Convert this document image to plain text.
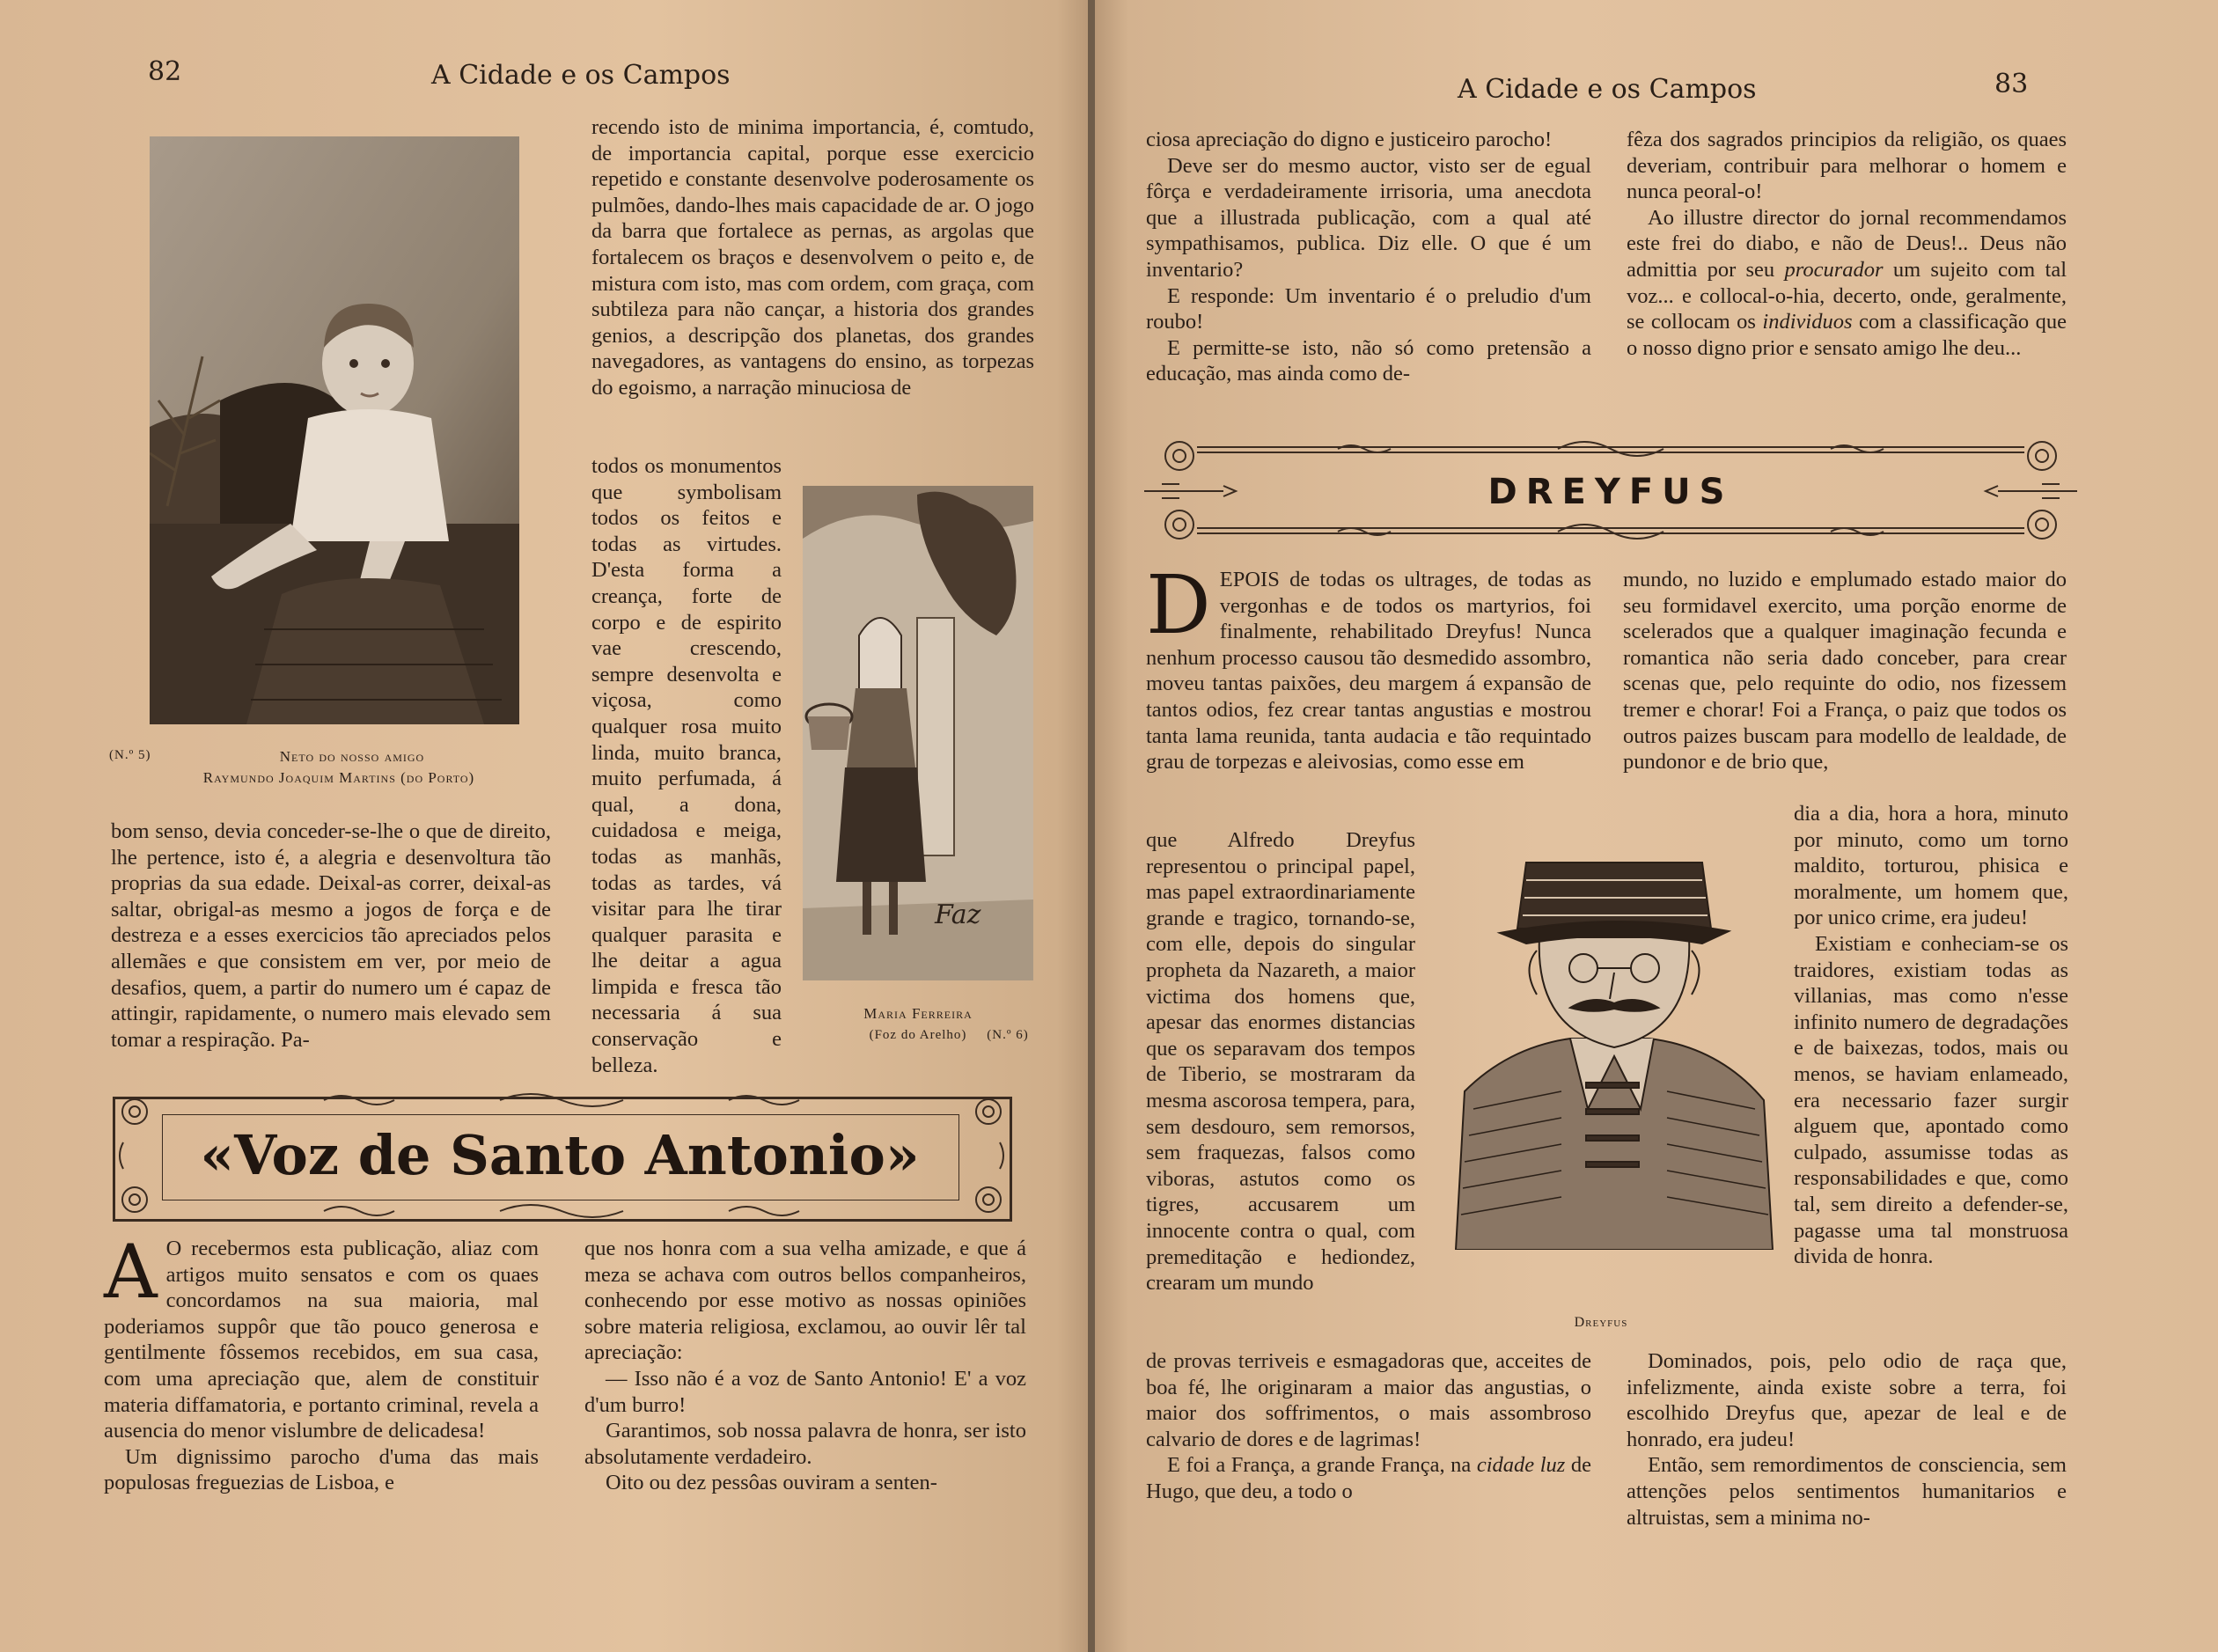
82	A Cidade e os Campos
(N.º 5)	Neto do nosso amigo
Raymundo Joaquim Martins (do Porto)

recendo isto de minima importancia, é, comtudo, de importancia capital, porque esse exercicio repetido e constante desenvolve poderosamente os pulmões, dando-lhes mais capacidade de ar. O jogo da barra que fortalece as pernas, as argolas que fortalecem os braços e desenvolvem o peito e, de mistura com isto, mas com ordem, com graça, com subtileza para não cançar, a historia dos grandes genios, a descripção dos planetas, dos grandes navegadores, as vantagens do ensino, as torpezas do egoismo, a narração minuciosa de

todos os monumentos que symbolisam todos os feitos e todas as virtudes. D'esta forma a creança, forte de corpo e de espirito vae crescendo, sempre desenvolta e viçosa, como qualquer rosa muito linda, muito branca, muito perfumada, á qual, a dona, cuidadosa e meiga, todas as manhãs, todas as tardes, vá visitar para lhe tirar qualquer parasita e lhe deitar a agua limpida e fresca tão necessaria á sua conservação e belleza.

Faz
Maria Ferreira
(Foz do Arelho)	(N.º 6)

bom senso, devia conceder-se-lhe o que de direito, lhe pertence, isto é, a alegria e desenvoltura tão proprias da sua edade. Deixal-as correr, deixal-as saltar, obrigal-as mesmo a jogos de força e de destreza e a esses exercicios tão apreciados pelos allemães e que consistem em ver, por meio de desafios, quem, a partir do numero um é capaz de attingir, rapidamente, o numero mais elevado sem tomar a respiração. Pa-

«Voz de Santo Antonio»

A O recebermos esta publicação, aliaz com artigos muito sensatos e com os quaes concordamos na sua maioria, mal poderiamos suppôr que tão pouco generosa e gentilmente fôssemos recebidos, em sua casa, com uma apreciação que, alem de constituir materia diffamatoria, e portanto criminal, revela a ausencia do menor vislumbre de delicadesa!

Um dignissimo parocho d'uma das mais populosas freguezias de Lisboa, e

que nos honra com a sua velha amizade, e que á meza se achava com outros bellos companheiros, conhecendo por esse motivo as nossas opiniões sobre materia religiosa, exclamou, ao ouvir lêr tal apreciação:

— Isso não é a voz de Santo Antonio! E' a voz d'um burro!

Garantimos, sob nossa palavra de honra, ser isto absolutamente verdadeiro.

Oito ou dez pessôas ouviram a senten-

A Cidade e os Campos	83

ciosa apreciação do digno e justiceiro parocho!

Deve ser do mesmo auctor, visto ser de egual fôrça e verdadeiramente irrisoria, uma anecdota que a illustrada publicação, com a qual até sympathisamos, publica. Diz elle. O que é um inventario?

E responde: Um inventario é o preludio d'um roubo!

E permitte-se isto, não só como pretensão a educação, mas ainda como de-

fêza dos sagrados principios da religião, os quaes deveriam, contribuir para melhorar o homem e nunca peoral-o!

Ao illustre director do jornal recommendamos este frei do diabo, e não de Deus!.. Deus não admittia por seu procurador um sujeito com tal voz... e collocal-o-hia, decerto, onde, geralmente, se collocam os individuos com a classificação que o nosso digno prior e sensato amigo lhe deu...

DREYFUS

DEPOIS de todas os ultrages, de todas as vergonhas e de todos os martyrios, foi finalmente, rehabilitado Dreyfus! Nunca nenhum processo causou tão desmedido assombro, moveu tantas paixões, deu margem á expansão de tantos odios, fez crear tantas angustias e mostrou tanta lama reunida, tanta audacia e tão requintado grau de torpezas e aleivosias, como esse em

que Alfredo Dreyfus representou o principal papel, mas papel extraordinariamente grande e tragico, tornando-se, com elle, depois do singular propheta da Nazareth, a maior victima dos homens que, apesar das enormes distancias que os separavam dos tempos de Tiberio, se mostraram da mesma ascorosa tempera, para, sem desdouro, sem remorsos, sem fraquezas, falsos como viboras, astutos como os tigres, accusarem um innocente contra o qual, com premeditação e hediondez, crearam um mundo

de provas terriveis e esmagadoras que, acceites de boa fé, lhe originaram a maior das angustias, o maior dos soffrimentos, o mais assombroso calvario de dores e de lagrimas!

E foi a França, a grande França, na cidade luz de Hugo, que deu, a todo o

mundo, no luzido e emplumado estado maior do seu formidavel exercito, uma porção enorme de scelerados que a qualquer imaginação fecunda e romantica não seria dado conceber, para crear scenas que, pelo requinte do odio, nos fizessem tremer e chorar! Foi a França, o paiz que todos os outros paizes buscam para modello de lealdade, de pundonor e de brio que,

dia a dia, hora a hora, minuto por minuto, como um torno maldito, torturou, phisica e moralmente, um homem que, por unico crime, era judeu!

Existiam e conheciam-se os traidores, existiam todas as villanias, mas como n'esse infinito numero de degradações e de baixezas, todos, mais ou menos, se haviam enlameado, era necessario fazer surgir alguem que, apontado como culpado, assumisse todas as responsabilidades e que, como tal, sem direito a defender-se, pagasse uma tal monstruosa divida de honra.

Dominados, pois, pelo odio de raça que, infelizmente, ainda existe sobre a terra, foi escolhido Dreyfus que, apezar de leal e de honrado, era judeu!

Então, sem remordimentos de consciencia, sem attenções pelos sentimentos humanitarios e altruistas, sem a minima no-

Dreyfus
